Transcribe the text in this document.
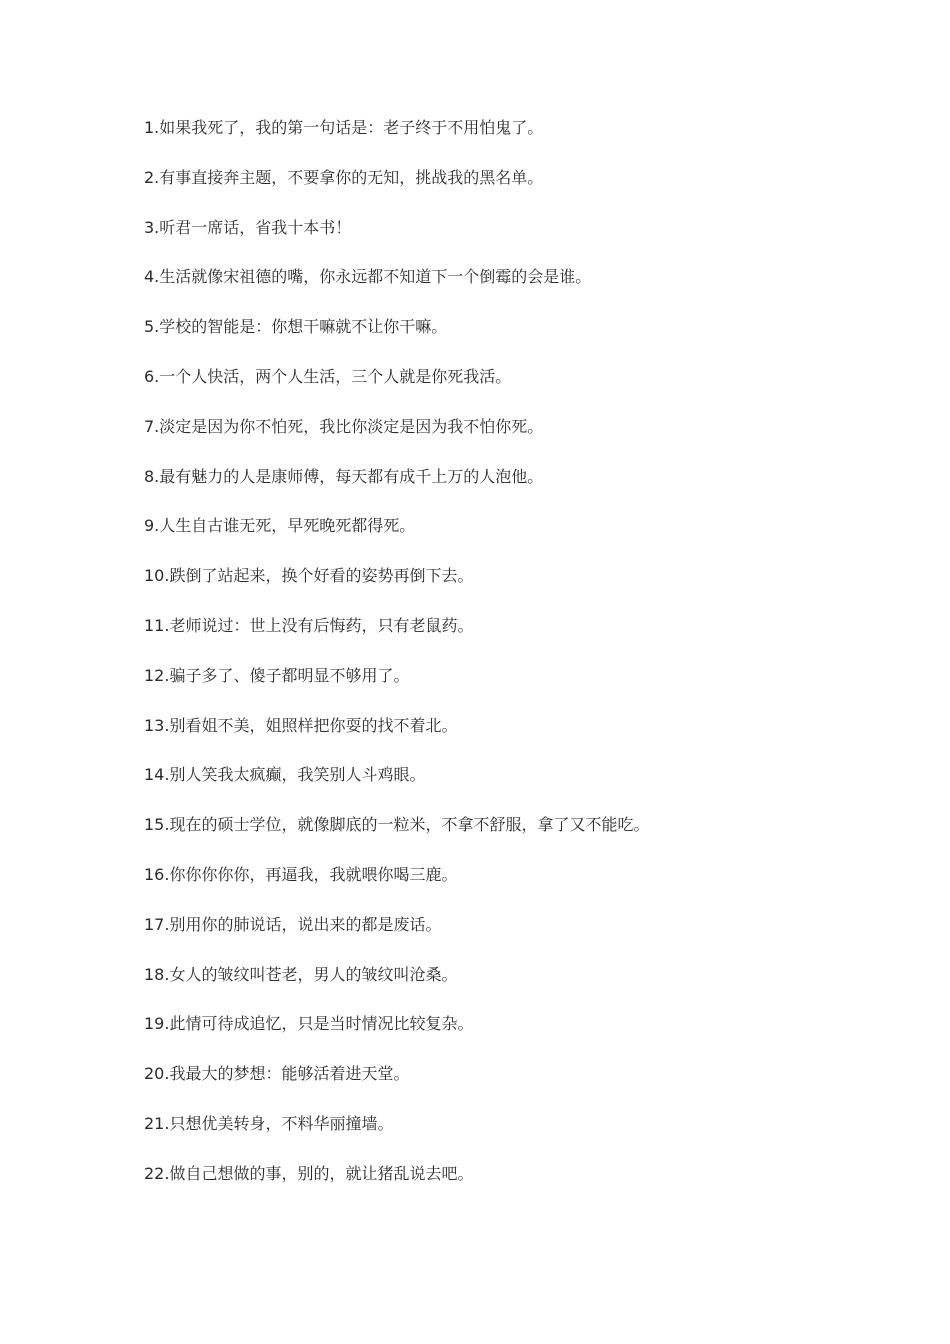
1.如果我死了，我的第一句话是：老子终于不用怕鬼了。
2.有事直接奔主题，不要拿你的无知，挑战我的黑名单。
3.听君一席话，省我十本书！
4.生活就像宋祖德的嘴，你永远都不知道下一个倒霉的会是谁。
5.学校的智能是：你想干嘛就不让你干嘛。
6.一个人快活，两个人生活，三个人就是你死我活。
7.淡定是因为你不怕死，我比你淡定是因为我不怕你死。
8.最有魅力的人是康师傅，每天都有成千上万的人泡他。
9.人生自古谁无死，早死晚死都得死。
10.跌倒了站起来，换个好看的姿势再倒下去。
11.老师说过：世上没有后悔药，只有老鼠药。
12.骗子多了、傻子都明显不够用了。
13.别看姐不美，姐照样把你耍的找不着北。
14.别人笑我太疯癫，我笑别人斗鸡眼。
15.现在的硕士学位，就像脚底的一粒米，不拿不舒服，拿了又不能吃。
16.你你你你你，再逼我，我就喂你喝三鹿。
17.别用你的肺说话，说出来的都是废话。
18.女人的皱纹叫苍老，男人的皱纹叫沧桑。
19.此情可待成追忆，只是当时情况比较复杂。
20.我最大的梦想：能够活着进天堂。
21.只想优美转身，不料华丽撞墙。
22.做自己想做的事，别的，就让猪乱说去吧。
